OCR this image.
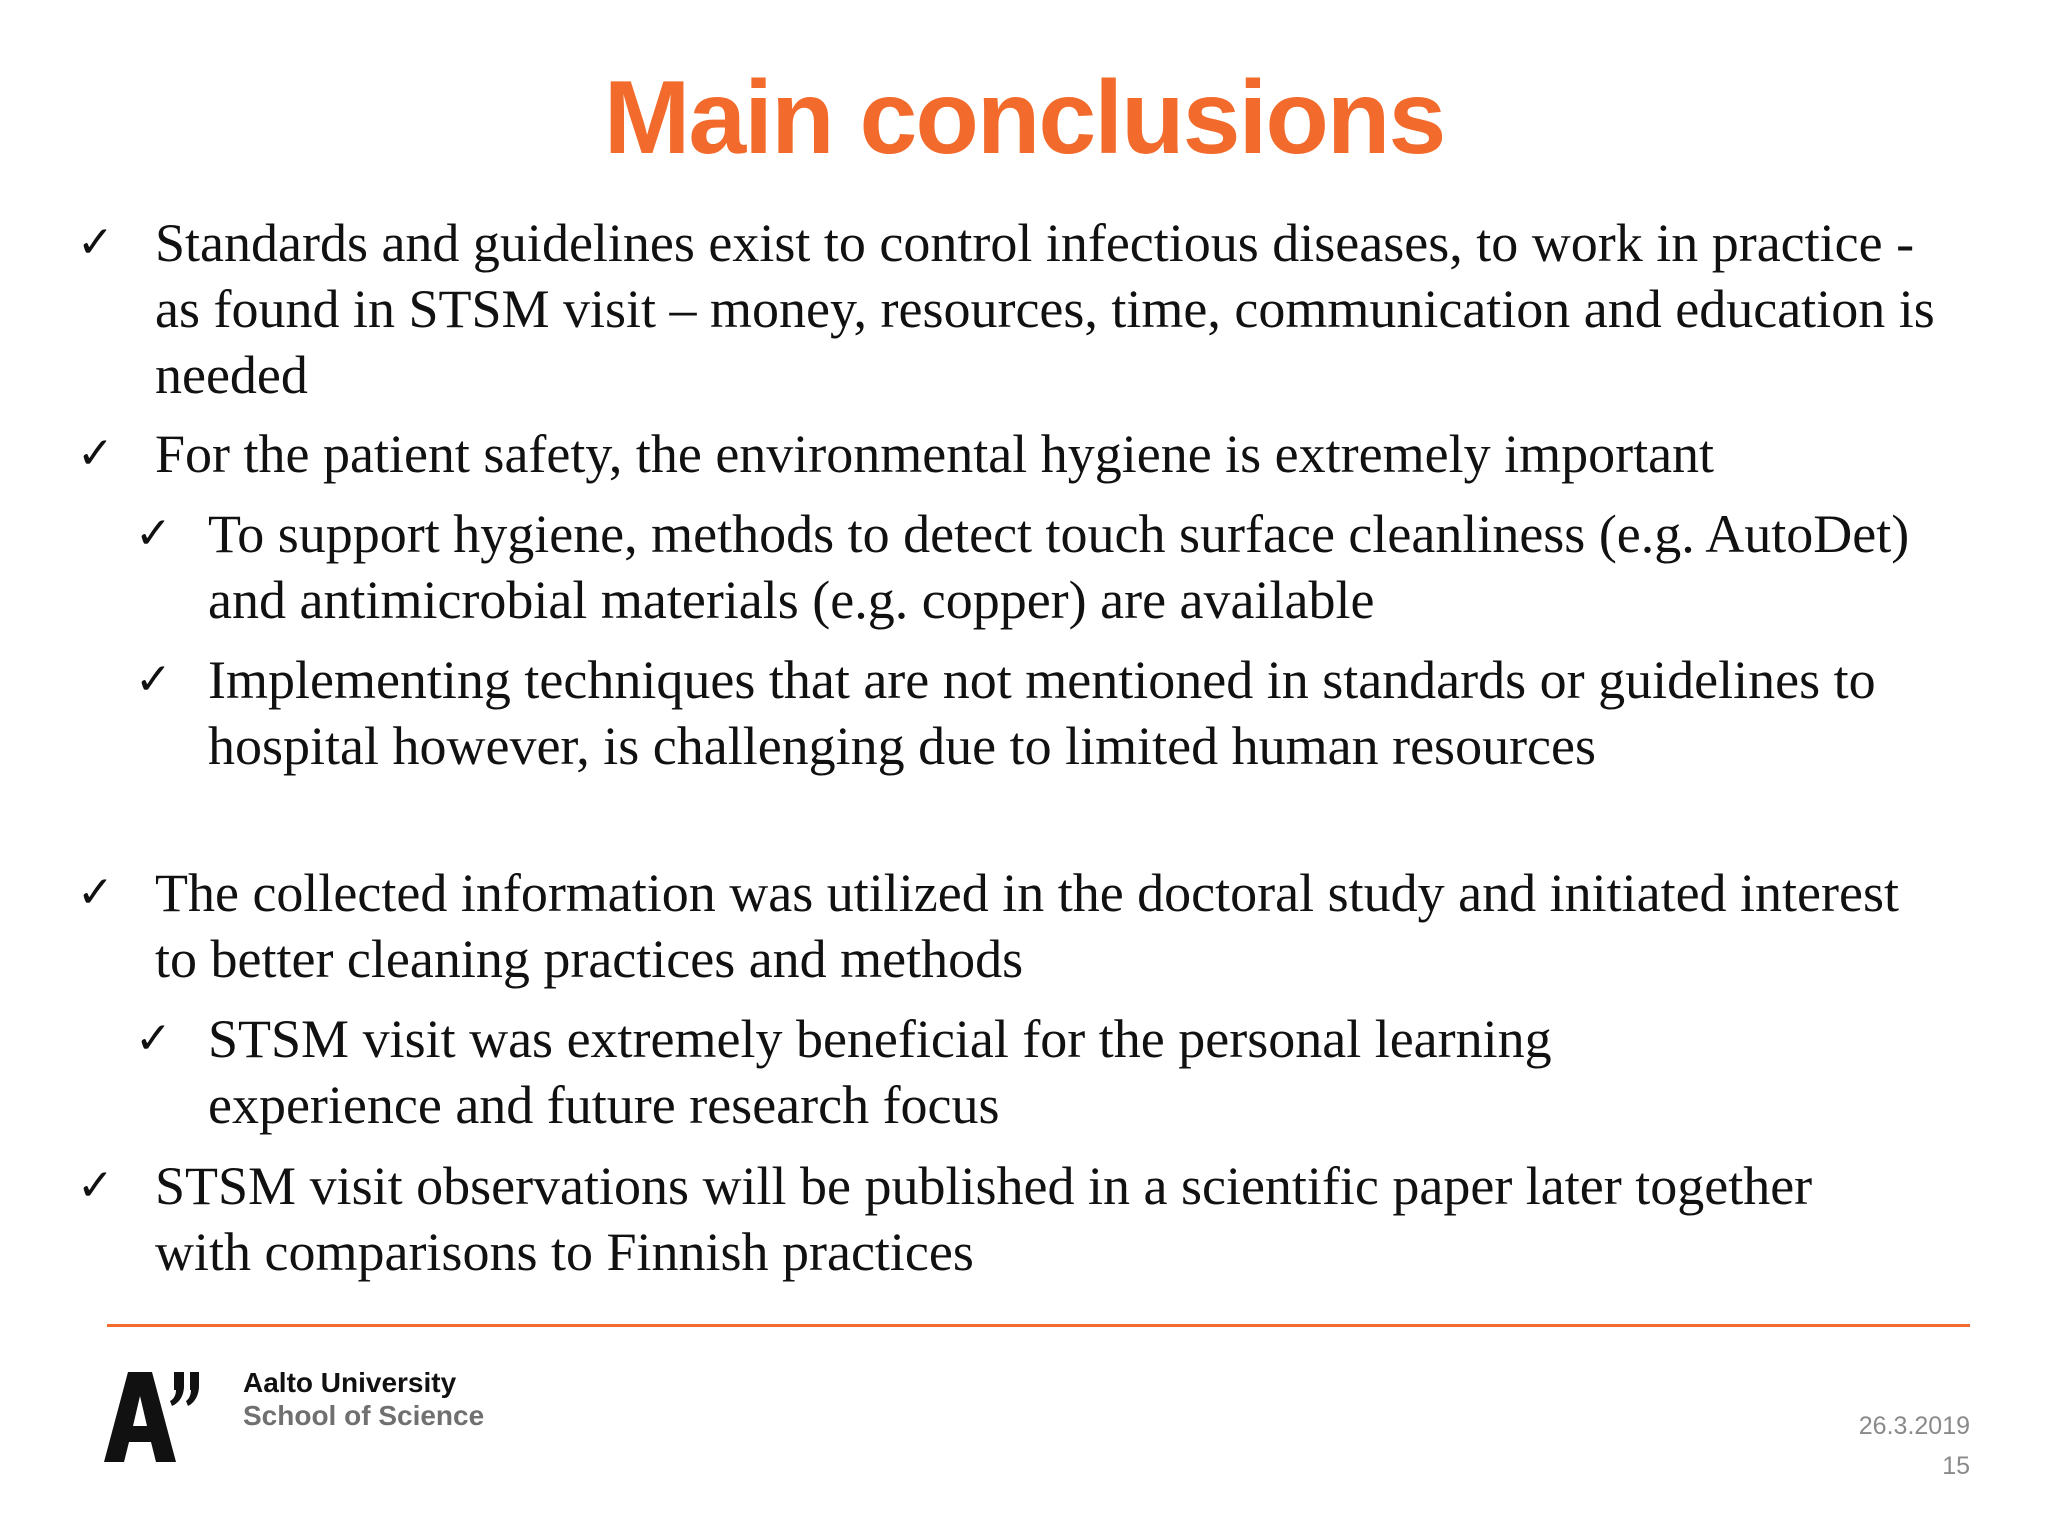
Main conclusions
✓ Standards and guidelines exist to control infectious diseases, to work in practice - as found in STSM visit – money, resources, time, communication and education is needed
✓ For the patient safety, the environmental hygiene is extremely important
✓ To support hygiene, methods to detect touch surface cleanliness (e.g. AutoDet) and antimicrobial materials (e.g. copper) are available
✓ Implementing techniques that are not mentioned in standards or guidelines to hospital however, is challenging due to limited human resources
✓ The collected information was utilized in the doctoral study and initiated interest to better cleaning practices and methods
✓ STSM visit was extremely beneficial for the personal learning experience and future research focus
✓ STSM visit observations will be published in a scientific paper later together with comparisons to Finnish practices
Aalto University
School of Science	26.3.2019
15
